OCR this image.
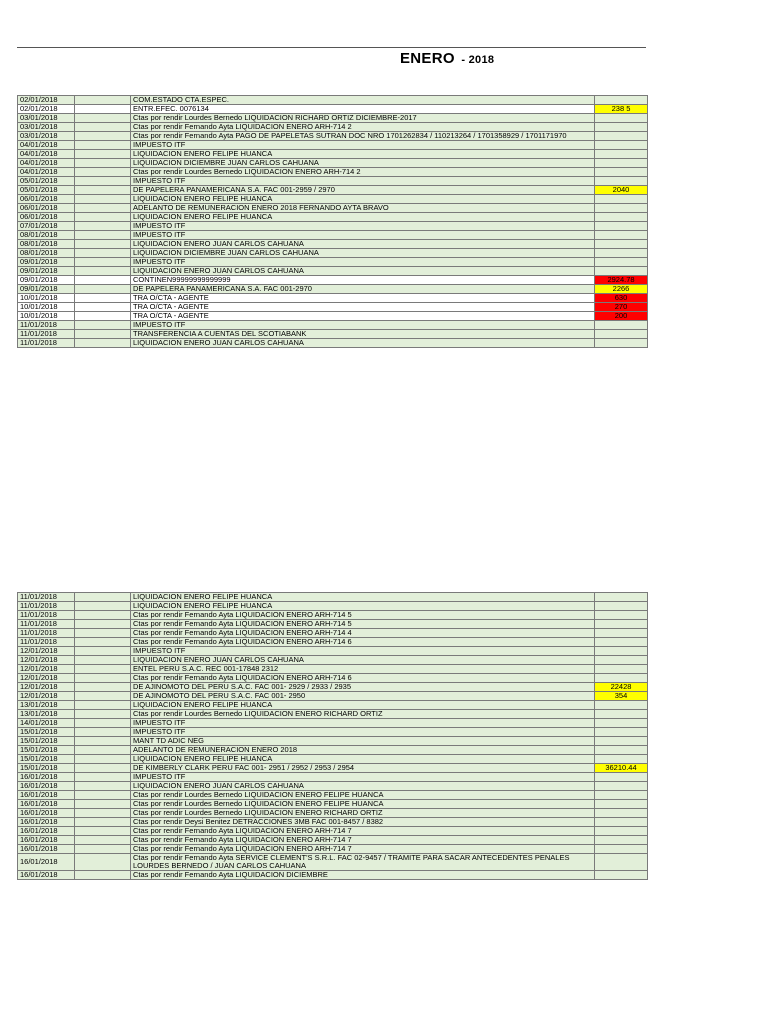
ENERO - 2018
02/01/2018		COM.ESTADO CTA.ESPEC.	
02/01/2018		ENTR.EFEC. 0076134	238 5
03/01/2018		Ctas por rendir Lourdes Bernedo LIQUIDACION RICHARD ORTIZ DICIEMBRE-2017	
03/01/2018		Ctas por rendir Fernando Ayta LIQUIDACION ENERO ARH-714 2	
03/01/2018		Ctas por rendir Fernando Ayta PAGO DE PAPELETAS SUTRAN DOC NRO 1701262834 / 110213264 / 1701358929 / 1701171970	
04/01/2018		IMPUESTO ITF	
04/01/2018		LIQUIDACION ENERO FELIPE HUANCA	
04/01/2018		LIQUIDACION DICIEMBRE JUAN CARLOS CAHUANA	
04/01/2018		Ctas por rendir Lourdes Bernedo LIQUIDACION ENERO ARH-714 2	
05/01/2018		IMPUESTO ITF	
05/01/2018		DE PAPELERA PANAMERICANA S.A. FAC 001-2959 / 2970	2040
06/01/2018		LIQUIDACION ENERO FELIPE HUANCA	
06/01/2018		ADELANTO DE REMUNERACION ENERO 2018 FERNANDO AYTA BRAVO	
06/01/2018		LIQUIDACION ENERO FELIPE HUANCA	
07/01/2018		IMPUESTO ITF	
08/01/2018		IMPUESTO ITF	
08/01/2018		LIQUIDACION ENERO JUAN CARLOS CAHUANA	
08/01/2018		LIQUIDACION DICIEMBRE JUAN CARLOS CAHUANA	
09/01/2018		IMPUESTO ITF	
09/01/2018		LIQUIDACION ENERO JUAN CARLOS CAHUANA	
09/01/2018		CONTINEN99999999999999	2924.78
09/01/2018		DE PAPELERA PANAMERICANA S.A. FAC 001-2970	2266
10/01/2018		TRA O/CTA - AGENTE	630
10/01/2018		TRA O/CTA - AGENTE	270
10/01/2018		TRA O/CTA - AGENTE	200
11/01/2018		IMPUESTO ITF	
11/01/2018		TRANSFERENCIA A CUENTAS DEL SCOTIABANK	
11/01/2018		LIQUIDACION ENERO JUAN CARLOS CAHUANA	
11/01/2018		LIQUIDACION ENERO FELIPE HUANCA	
11/01/2018		LIQUIDACION ENERO FELIPE HUANCA	
11/01/2018		Ctas por rendir Fernando Ayta LIQUIDACION ENERO ARH-714 5	
11/01/2018		Ctas por rendir Fernando Ayta LIQUIDACION ENERO ARH-714 5	
11/01/2018		Ctas por rendir Fernando Ayta LIQUIDACION ENERO ARH-714 4	
11/01/2018		Ctas por rendir Fernando Ayta LIQUIDACION ENERO ARH-714 6	
12/01/2018		IMPUESTO ITF	
12/01/2018		LIQUIDACION ENERO JUAN CARLOS CAHUANA	
12/01/2018		ENTEL PERU S.A.C. REC 001-17848 2312	
12/01/2018		Ctas por rendir Fernando Ayta LIQUIDACION ENERO ARH-714 6	
12/01/2018		DE AJINOMOTO DEL PERU S.A.C. FAC 001- 2929 / 2933 / 2935	22428
12/01/2018		DE AJINOMOTO DEL PERU S.A.C. FAC 001- 2950	354
13/01/2018		LIQUIDACION ENERO FELIPE HUANCA	
13/01/2018		Ctas por rendir Lourdes Bernedo LIQUIDACION ENERO RICHARD ORTIZ	
14/01/2018		IMPUESTO ITF	
15/01/2018		IMPUESTO ITF	
15/01/2018		MANT TD ADIC NEG	
15/01/2018		ADELANTO DE REMUNERACION ENERO 2018	
15/01/2018		LIQUIDACION ENERO FELIPE HUANCA	
15/01/2018		DE KIMBERLY CLARK PERU FAC 001- 2951 / 2952 / 2953 / 2954	36210.44
16/01/2018		IMPUESTO ITF	
16/01/2018		LIQUIDACION ENERO JUAN CARLOS CAHUANA	
16/01/2018		Ctas por rendir Lourdes Bernedo LIQUIDACION ENERO FELIPE HUANCA	
16/01/2018		Ctas por rendir Lourdes Bernedo LIQUIDACION ENERO FELIPE HUANCA	
16/01/2018		Ctas por rendir Lourdes Bernedo LIQUIDACION ENERO RICHARD ORTIZ	
16/01/2018		Ctas por rendir Deysi Benitez DETRACCIONES 3MB FAC 001-8457 / 8382	
16/01/2018		Ctas por rendir Fernando Ayta LIQUIDACION ENERO ARH-714 7	
16/01/2018		Ctas por rendir Fernando Ayta LIQUIDACION ENERO ARH-714 7	
16/01/2018		Ctas por rendir Fernando Ayta LIQUIDACION ENERO ARH-714 7	
16/01/2018		Ctas por rendir Fernando Ayta SERVICE CLEMENT'S S.R.L. FAC 02-9457 / TRAMITE PARA SACAR ANTECEDENTES PENALES LOURDES BERNEDO / JUAN CARLOS CAHUANA	
16/01/2018		Ctas por rendir Fernando Ayta LIQUIDACION DICIEMBRE	
